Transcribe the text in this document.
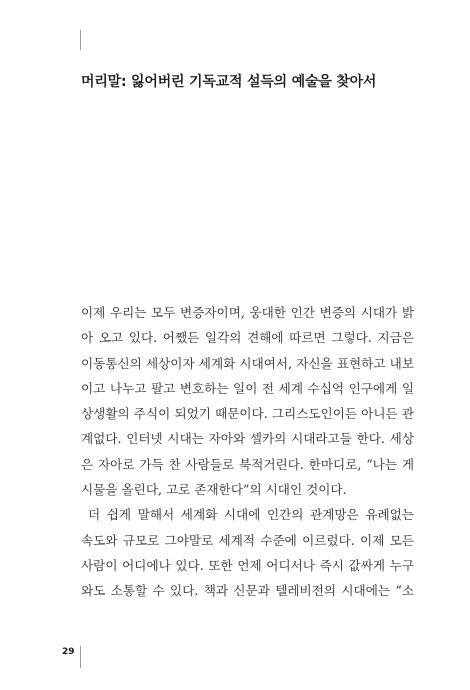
머리말: 잃어버린 기독교적 설득의 예술을 찾아서
이제 우리는 모두 변증자이며, 웅대한 인간 변증의 시대가 밝
아 오고 있다. 어쨌든 일각의 견해에 따르면 그렇다. 지금은
이동통신의 세상이자 세계화 시대여서, 자신을 표현하고 내보
이고 나누고 팔고 변호하는 일이 전 세계 수십억 인구에게 일
상생활의 주식이 되었기 때문이다. 그리스도인이든 아니든 관
계없다. 인터넷 시대는 자아와 셀카의 시대라고들 한다. 세상
은 자아로 가득 찬 사람들로 북적거린다. 한마디로, “나는 게
시물을 올린다, 고로 존재한다”의 시대인 것이다.
더 쉽게 말해서 세계화 시대에 인간의 관계망은 유례없는
속도와 규모로 그야말로 세계적 수준에 이르렀다. 이제 모든
사람이 어디에나 있다. 또한 언제 어디서나 즉시 값싸게 누구
와도 소통할 수 있다. 책과 신문과 텔레비전의 시대에는 “소
29
